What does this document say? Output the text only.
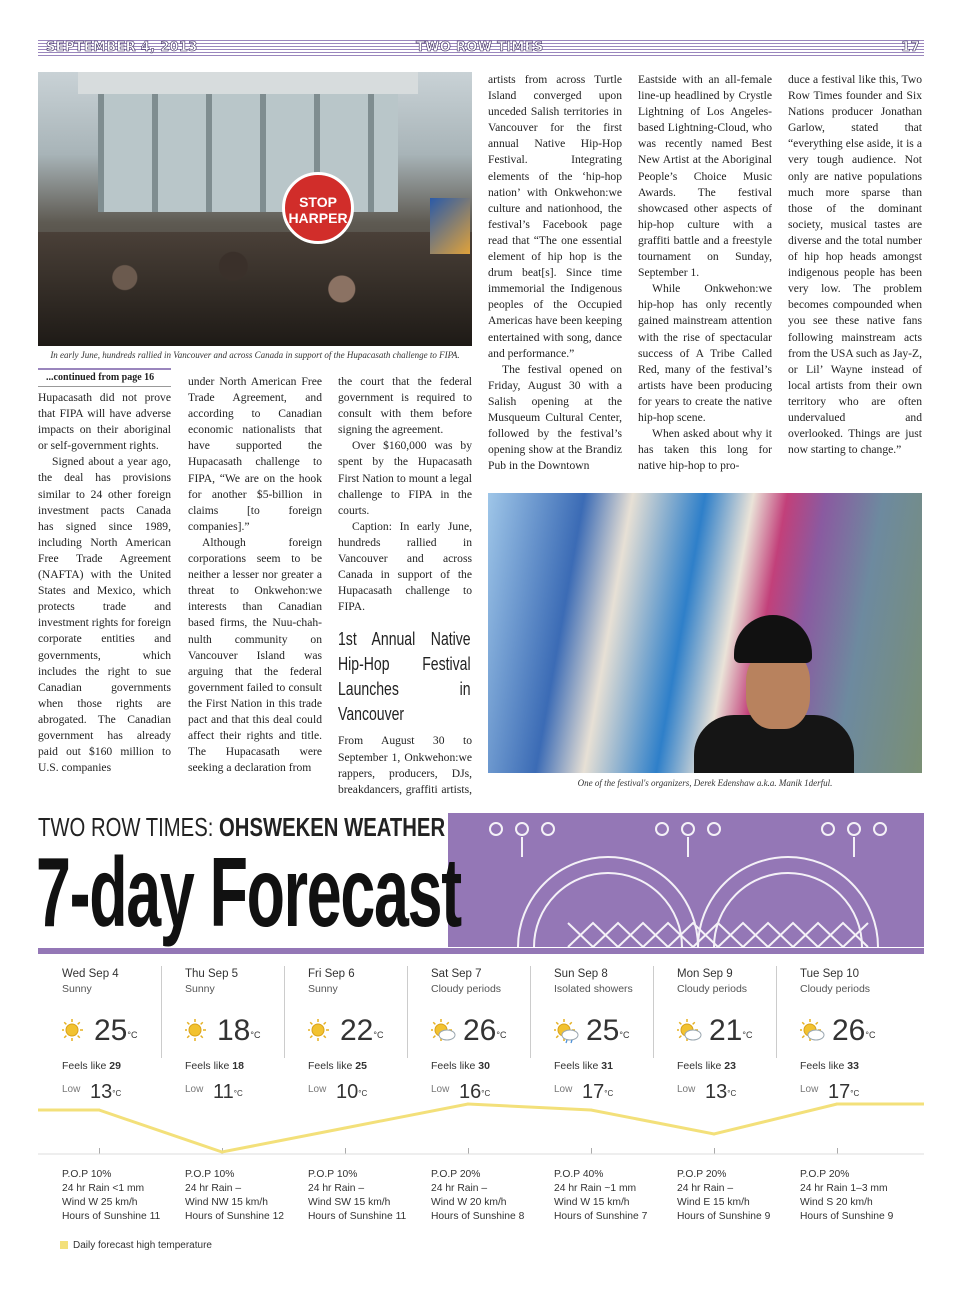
SEPTEMBER 4, 2013	TWO ROW TIMES	17
STOP HARPER
In early June, hundreds rallied in Vancouver and across Canada in support of the Hupacasath challenge to FIPA.
...continued from page 16

Hupacasath did not prove that FIPA will have adverse impacts on their aboriginal or self-government rights.

Signed about a year ago, the deal has provisions similar to 24 other foreign investment pacts Canada has signed since 1989, including North American Free Trade Agreement (NAFTA) with the United States and Mexico, which protects trade and investment rights for foreign corporate entities and governments, which includes the right to sue Canadian governments when those rights are abrogated. The Canadian government has already paid out $160 million to U.S. companies

under North American Free Trade Agreement, and according to Canadian economic nationalists that have supported the Hupacasath challenge to FIPA, “We are on the hook for another $5-billion in claims [to foreign companies].”

Although foreign corporations seem to be neither a lesser nor greater a threat to Onkwehon:we interests than Canadian based firms, the Nuu-chah-nulth community on Vancouver Island was arguing that the federal government failed to consult the First Nation in this trade pact and that this deal could affect their rights and title. The Hupacasath were seeking a declaration from

the court that the federal government is required to consult with them before signing the agreement.

Over $160,000 was by spent by the Hupacasath First Nation to mount a legal challenge to FIPA in the courts.

Caption: In early June, hundreds rallied in Vancouver and across Canada in support of the Hupacasath challenge to FIPA.

1st Annual Native Hip-Hop Festival Launches in Vancouver

From August 30 to September 1, Onkwehon:we rappers, producers, DJs, breakdancers, graffiti artists,

artists from across Turtle Island converged upon unceded Salish territories in Vancouver for the first annual Native Hip-Hop Festival. Integrating elements of the ‘hip-hop nation’ with Onkwehon:we culture and nationhood, the festival’s Facebook page read that “The one essential element of hip hop is the drum beat[s]. Since time immemorial the Indigenous peoples of the Occupied Americas have been keeping entertained with song, dance and performance.”

The festival opened on Friday, August 30 with a Salish opening at the Musqueum Cultural Center, followed by the festival’s opening show at the Brandiz Pub in the Downtown

Eastside with an all-female line-up headlined by Crystle Lightning of Los Angeles-based Lightning-Cloud, who was recently named Best New Artist at the Aboriginal People’s Choice Music Awards. The festival showcased other aspects of hip-hop culture with a graffiti battle and a freestyle tournament on Sunday, September 1.

While Onkwehon:we hip-hop has only recently gained mainstream attention with the rise of spectacular success of A Tribe Called Red, many of the festival’s artists have been producing for years to create the native hip-hop scene.

When asked about why it has taken this long for native hip-hop to pro-

duce a festival like this, Two Row Times founder and Six Nations producer Jonathan Garlow, stated that “everything else aside, it is a very tough audience. Not only are native populations much more sparse than those of the dominant society, musical tastes are diverse and the total number of hip hop heads amongst indigenous people has been very low. The problem becomes compounded when you see these native fans following mainstream acts from the USA such as Jay-Z, or Lil’ Wayne instead of local artists from their own territory who are often undervalued and overlooked. Things are just now starting to change.”

One of the festival's organizers, Derek Edenshaw a.k.a. Manik 1derful.
TWO ROW TIMES: OHSWEKEN WEATHER
7-day Forecast
Wed Sep 4
Sunny
$25^{^\circ C}$
Feels like 29
Low $13^{^\circ C}$
P.O.P 10%
24 hr Rain <1 mm
Wind W 25 km/h
Hours of Sunshine 11
Thu Sep 5
Sunny
$18^{^\circ C}$
Feels like 18
Low $11^{^\circ C}$
P.O.P 10%
24 hr Rain –
Wind NW 15 km/h
Hours of Sunshine 12
Fri Sep 6
Sunny
$22^{^\circ C}$
Feels like 25
Low $10^{^\circ C}$
P.O.P 10%
24 hr Rain –
Wind SW 15 km/h
Hours of Sunshine 11
Sat Sep 7
Cloudy periods
$26^{^\circ C}$
Feels like 30
Low $16^{^\circ C}$
P.O.P 20%
24 hr Rain –
Wind W 20 km/h
Hours of Sunshine 8
Sun Sep 8
Isolated showers
$25^{^\circ C}$
Feels like 31
Low $17^{^\circ C}$
P.O.P 40%
24 hr Rain ~1 mm
Wind W 15 km/h
Hours of Sunshine 7
Mon Sep 9
Cloudy periods
$21^{^\circ C}$
Feels like 23
Low $13^{^\circ C}$
P.O.P 20%
24 hr Rain –
Wind E 15 km/h
Hours of Sunshine 9
Tue Sep 10
Cloudy periods
$26^{^\circ C}$
Feels like 33
Low $17^{^\circ C}$
P.O.P 20%
24 hr Rain 1–3 mm
Wind S 20 km/h
Hours of Sunshine 9
Daily forecast high temperature
